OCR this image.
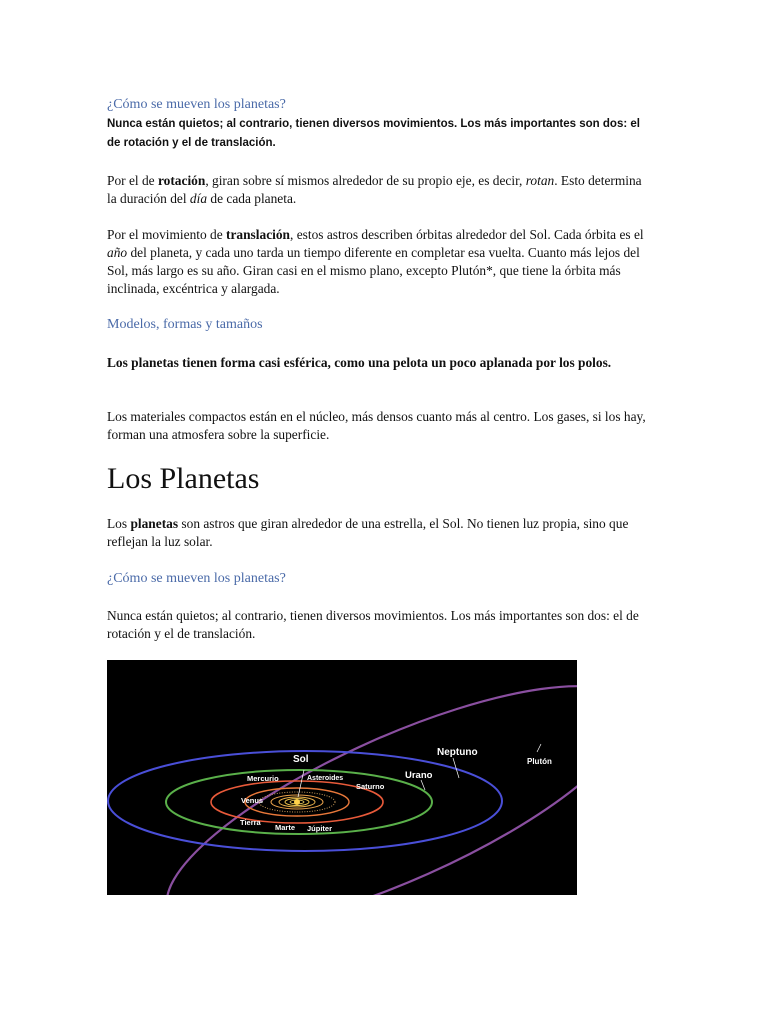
¿Cómo se mueven los planetas?
Nunca están quietos; al contrario, tienen diversos movimientos. Los más importantes son dos: el de rotación y el de translación.

Por el de rotación, giran sobre sí mismos alrededor de su propio eje, es decir, rotan. Esto determina la duración del día de cada planeta.

Por el movimiento de translación, estos astros describen órbitas alrededor del Sol. Cada órbita es el año del planeta, y cada uno tarda un tiempo diferente en completar esa vuelta. Cuanto más lejos del Sol, más largo es su año. Giran casi en el mismo plano, excepto Plutón*, que tiene la órbita más inclinada, excéntrica y alargada.

Modelos, formas y tamaños

Los planetas tienen forma casi esférica, como una pelota un poco aplanada por los polos.

Los materiales compactos están en el núcleo, más densos cuanto más al centro. Los gases, si los hay, forman una atmosfera sobre la superficie.

Los Planetas

Los planetas son astros que giran alrededor de una estrella, el Sol. No tienen luz propia, sino que reflejan la luz solar.

¿Cómo se mueven los planetas?

Nunca están quietos; al contrario, tienen diversos movimientos. Los más importantes son dos: el de rotación y el de translación.

Sol
Neptuno
Plutón
Urano
Mercurio	Asteroides
Saturno
Venus
Tierra
Marte Júpiter
